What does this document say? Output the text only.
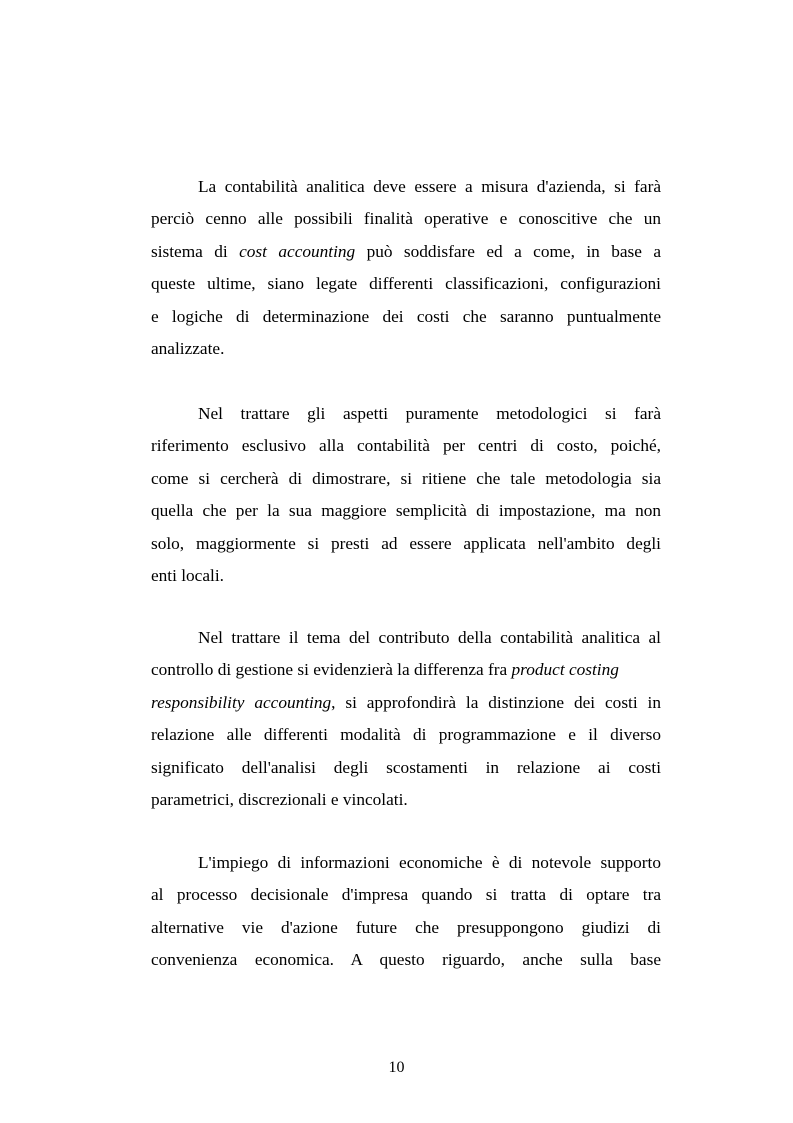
La contabilità analitica deve essere a misura d'azienda, si farà
perciò cenno alle possibili finalità operative e conoscitive che un
sistema di cost accounting può soddisfare ed a come, in base a
queste ultime, siano legate differenti classificazioni, configurazioni
e logiche di determinazione dei costi che saranno puntualmente
analizzate.
Nel trattare gli aspetti puramente metodologici si farà
riferimento esclusivo alla contabilità per centri di costo, poiché,
come si cercherà di dimostrare, si ritiene che tale metodologia sia
quella che per la sua maggiore semplicità di impostazione, ma non
solo, maggiormente si presti ad essere applicata nell'ambito degli
enti locali.
Nel trattare il tema del contributo della contabilità analitica al
controllo di gestione si evidenzierà la differenza fra product costing
responsibility accounting, si approfondirà la distinzione dei costi in
relazione alle differenti modalità di programmazione e il diverso
significato dell'analisi degli scostamenti in relazione ai costi
parametrici, discrezionali e vincolati.
L'impiego di informazioni economiche è di notevole supporto
al processo decisionale d'impresa quando si tratta di optare tra
alternative vie d'azione future che presuppongono giudizi di
convenienza economica. A questo riguardo, anche sulla base
10
